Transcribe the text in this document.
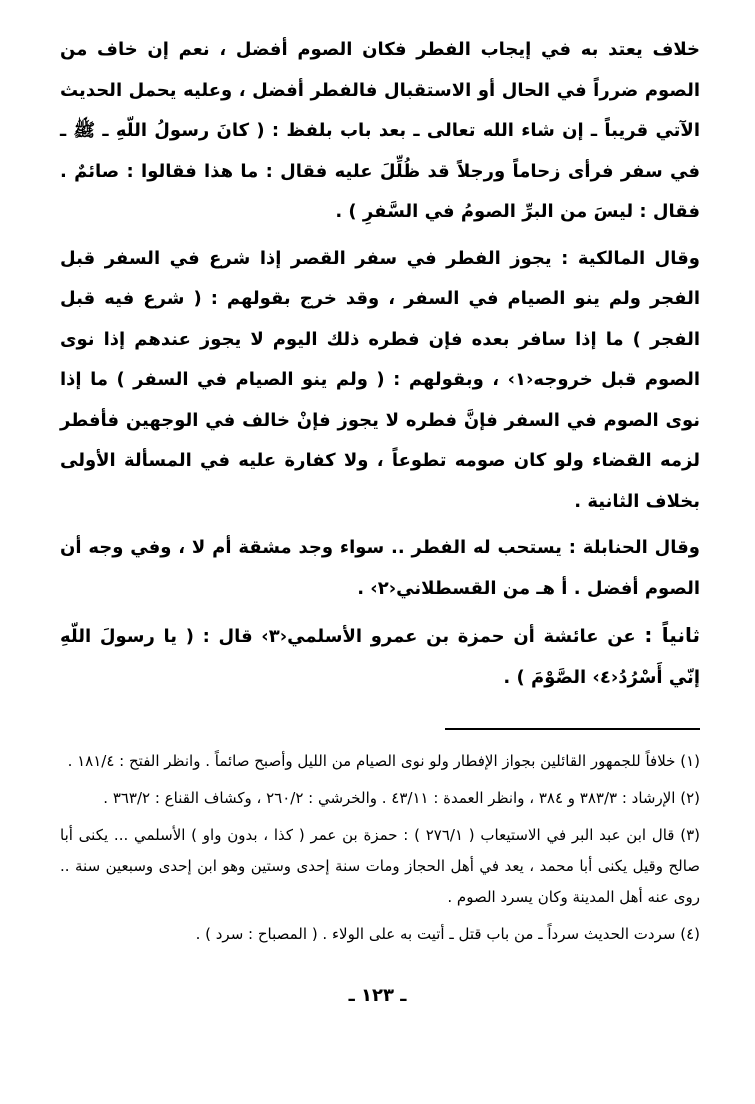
خلاف يعتد به في إيجاب الفطر فكان الصوم أفضل ، نعم إن خاف من الصوم ضرراً في الحال أو الاستقبال فالفطر أفضل ، وعليه يحمل الحديث الآتي قريباً ـ إن شاء الله تعالى ـ بعد باب بلفظ : ( كانَ رسولُ اللّهِ ـ ﷺ ـ في سفر فرأى زحاماً ورجلاً قد ظُلِّلَ عليه فقال : ما هذا فقالوا : صائمٌ . فقال : ليسَ من البرِّ الصومُ في السَّفرِ ) .

وقال المالكية : يجوز الفطر في سفر القصر إذا شرع في السفر قبل الفجر ولم ينو الصيام في السفر ، وقد خرج بقولهم : ( شرع فيه قبل الفجر ) ما إذا سافر بعده فإن فطره ذلك اليوم لا يجوز عندهم إذا نوى الصوم قبل خروجه‹١› ، وبقولهم : ( ولم ينو الصيام في السفر ) ما إذا نوى الصوم في السفر فإنَّ فطره لا يجوز فإنْ خالف في الوجهين فأفطر لزمه القضاء ولو كان صومه تطوعاً ، ولا كفارة عليه في المسألة الأولى بخلاف الثانية .

وقال الحنابلة : يستحب له الفطر .. سواء وجد مشقة أم لا ، وفي وجه أن الصوم أفضل . أ هـ من القسطلاني‹٢› .

ثانياً : عن عائشة أن حمزة بن عمرو الأسلمي‹٣› قال : ( يا رسولَ اللّهِ إنّي أَسْرُدُ‹٤› الصَّوْمَ ) .

(١) خلافاً للجمهور القائلين بجواز الإفطار ولو نوى الصيام من الليل وأصبح صائماً . وانظر الفتح : ١٨١/٤ .

(٢) الإرشاد : ٣٨٣/٣ و ٣٨٤ ، وانظر العمدة : ٤٣/١١ . والخرشي : ٢٦٠/٢ ، وكشاف القناع : ٣٦٣/٢ .

(٣) قال ابن عبد البر في الاستيعاب ( ٢٧٦/١ ) : حمزة بن عمر ( كذا ، بدون واو ) الأسلمي ... يكنى أبا صالح وقيل يكنى أبا محمد ، يعد في أهل الحجاز ومات سنة إحدى وستين وهو ابن إحدى وسبعين سنة .. روى عنه أهل المدينة وكان يسرد الصوم .

(٤) سردت الحديث سرداً ـ من باب قتل ـ أتيت به على الولاء . ( المصباح : سرد ) .

ـ ١٢٣ ـ
